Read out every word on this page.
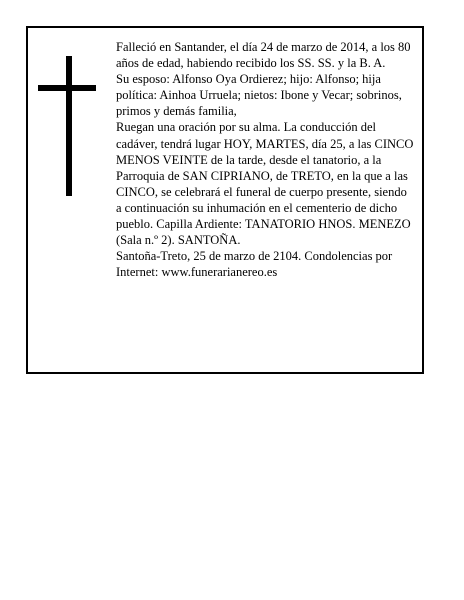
Falleció en Santander, el día 24 de marzo de 2014, a los 80 años de edad, habiendo recibido los SS. SS. y la B. A.

Su esposo: Alfonso Oya Ordierez; hijo: Alfonso; hija política: Ainhoa Urruela; nietos: Ibone y Vecar; sobrinos, primos y demás familia,

Ruegan una oración por su alma. La conducción del cadáver, tendrá lugar HOY, MARTES, día 25, a las CINCO MENOS VEINTE de la tarde, desde el tanatorio, a la Parroquia de SAN CIPRIANO, de TRETO, en la que a las CINCO, se celebrará el funeral de cuerpo presente, siendo a continuación su inhumación en el cementerio de dicho pueblo. Capilla Ardiente: TANATORIO HNOS. MENEZO (Sala n.º 2). SANTOÑA.

Santoña-Treto, 25 de marzo de 2104. Condolencias por Internet: www.funerarianereo.es
